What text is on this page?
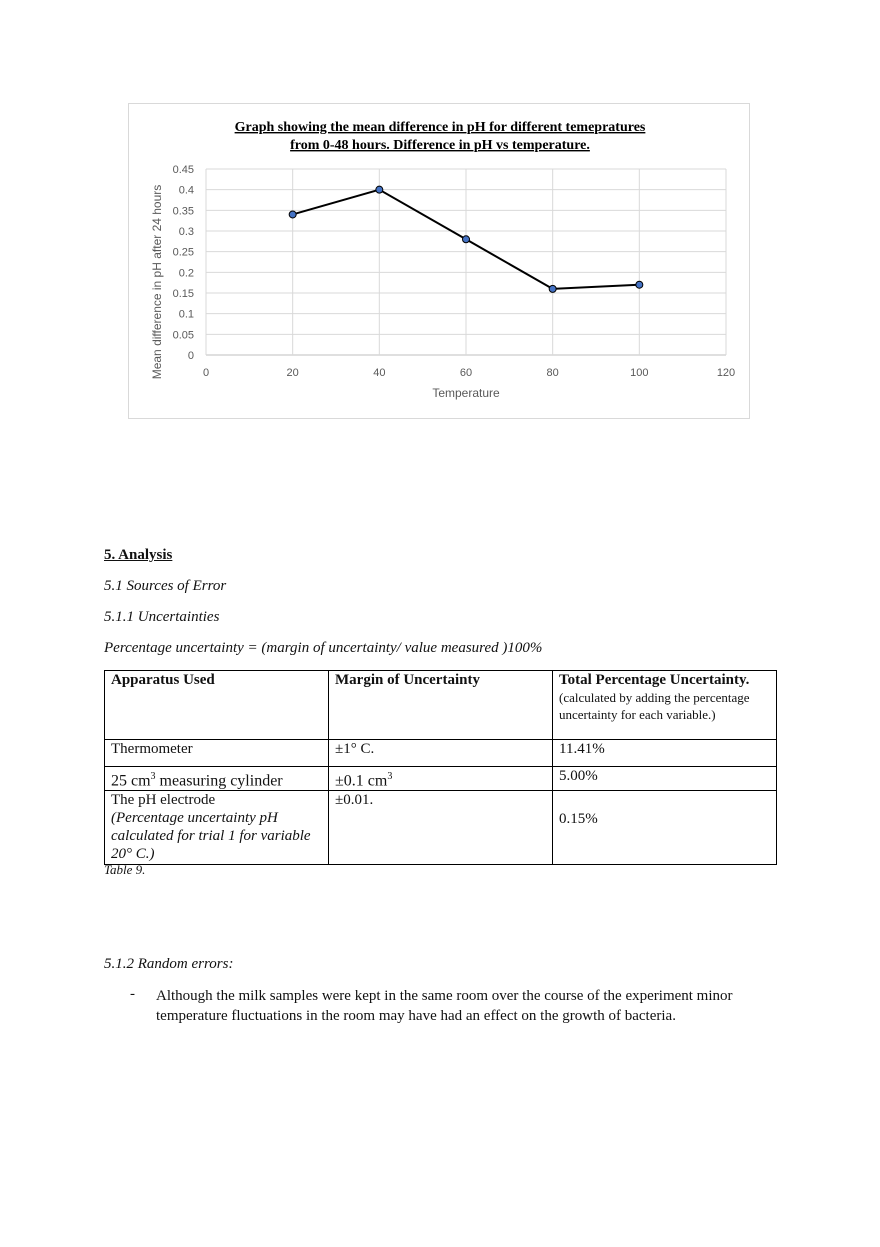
Graph showing the mean difference in pH for different temepratures
from 0-48 hours. Difference in pH vs temperature.
0
0.05
0.1
0.15
0.2
0.25
0.3
0.35
0.4
0.45
0	20	40	60	80	100	120
Temperature
Mean difference in pH after 24 hours
5. Analysis
5.1 Sources of Error
5.1.1 Uncertainties
Percentage uncertainty = (margin of uncertainty/ value measured )100%
Apparatus Used	Margin of Uncertainty	Total Percentage Uncertainty.
(calculated by adding the percentage uncertainty for each variable.)

Thermometer	±1° C.	11.41%
25 $cm^3$ measuring cylinder	±0.1 $cm^3$	5.00%
The pH electrode
(Percentage uncertainty pH calculated for trial 1 for variable 20° C.)	±0.01.	0.15%
Table 9.
5.1.2 Random errors:
- Although the milk samples were kept in the same room over the course of the experiment minor temperature fluctuations in the room may have had an effect on the growth of bacteria.
